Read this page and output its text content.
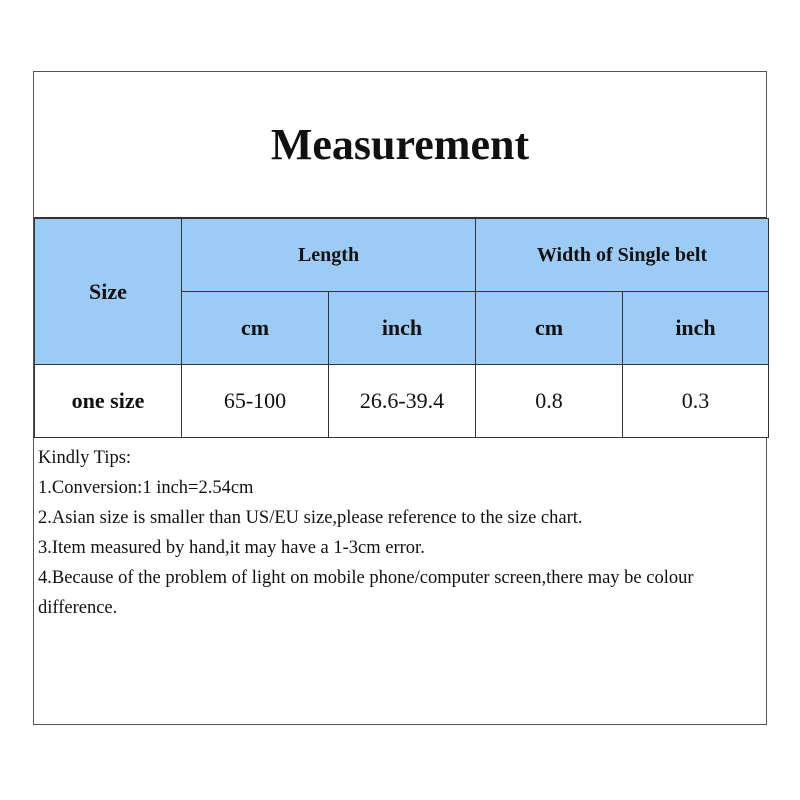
Measurement
Size	Length		Width of Single belt	
	cm	inch	cm	inch
one size	65-100	26.6-39.4	0.8	0.3
Kindly Tips:
1.Conversion:1 inch=2.54cm
2.Asian size is smaller than US/EU size,please reference to the size chart.
3.Item measured by hand,it may have a 1-3cm error.
4.Because of the problem of light on mobile phone/computer screen,there may be colour difference.
